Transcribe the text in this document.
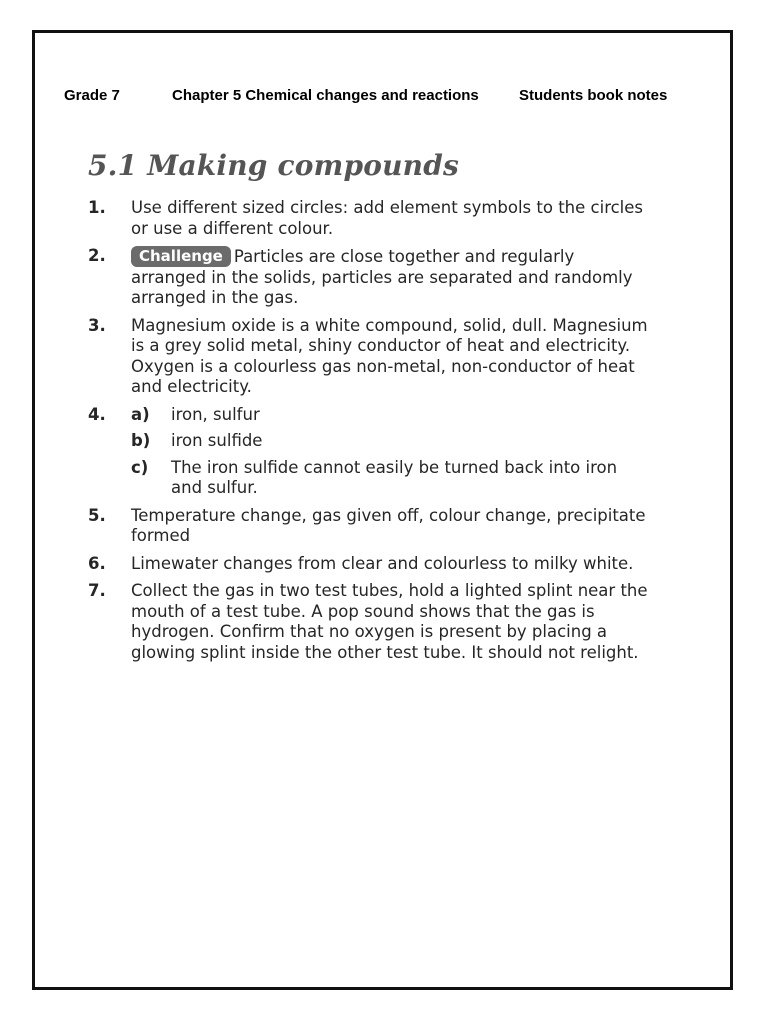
Grade 7	Chapter 5 Chemical changes and reactions	Students book notes
5.1 Making compounds
1. Use different sized circles: add element symbols to the circles or use a different colour.
2.	Challenge Particles are close together and regularly arranged in the solids, particles are separated and randomly arranged in the gas.
3. Magnesium oxide is a white compound, solid, dull. Magnesium is a grey solid metal, shiny conductor of heat and electricity. Oxygen is a colourless gas non-metal, non-conductor of heat and electricity.
4. a) iron, sulfur
b) iron sulfide
c) The iron sulfide cannot easily be turned back into iron and sulfur.
5. Temperature change, gas given off, colour change, precipitate formed
6. Limewater changes from clear and colourless to milky white.
7. Collect the gas in two test tubes, hold a lighted splint near the mouth of a test tube. A pop sound shows that the gas is hydrogen. Confirm that no oxygen is present by placing a glowing splint inside the other test tube. It should not relight.
